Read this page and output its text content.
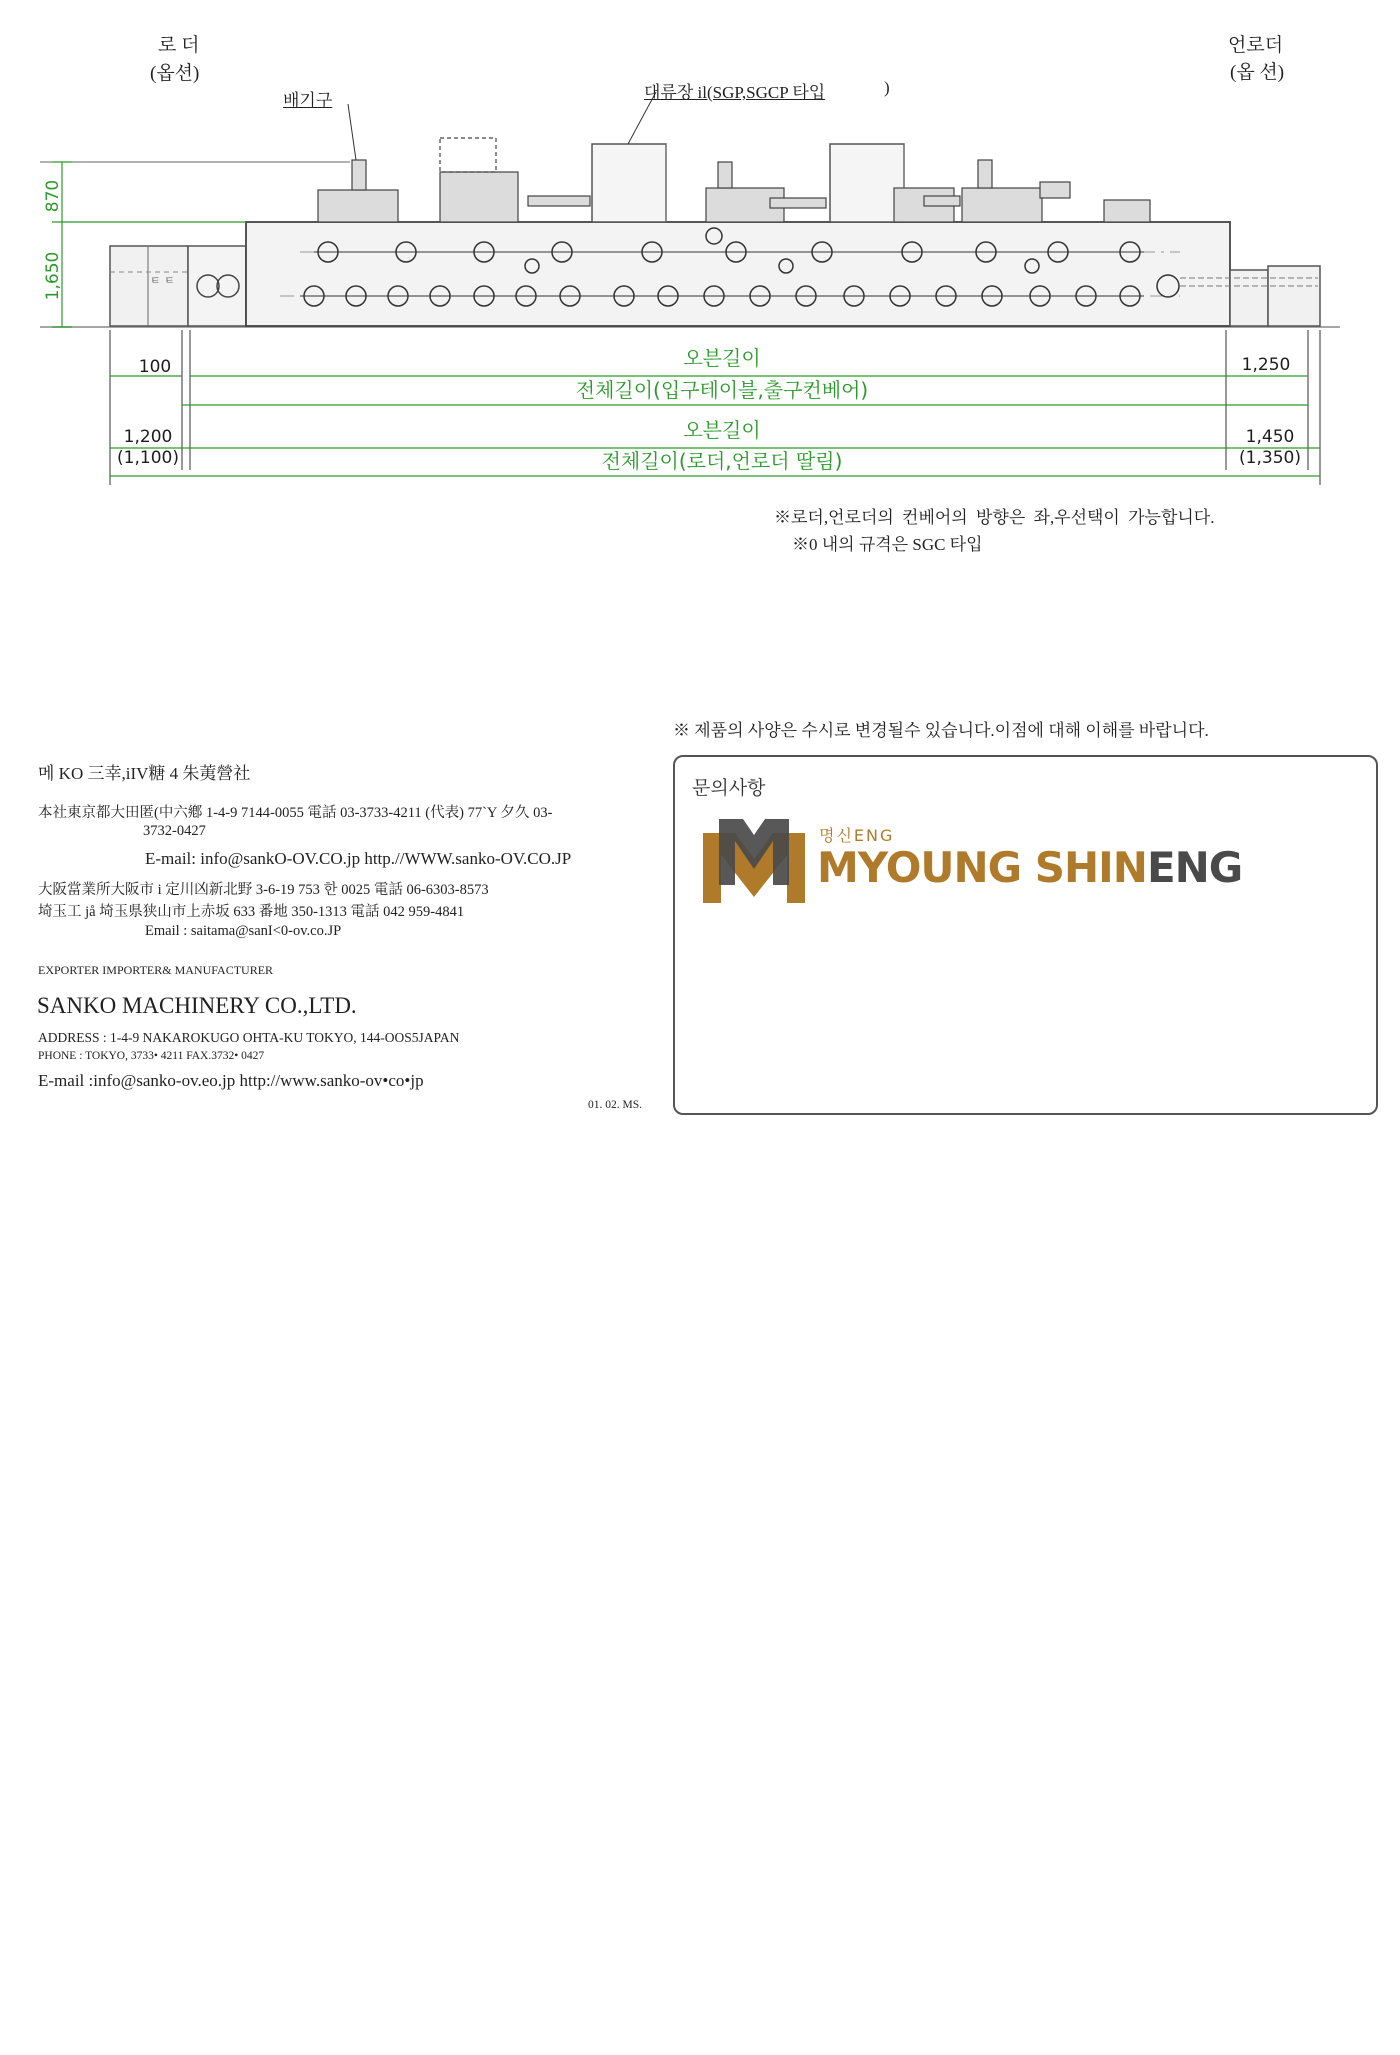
ㅌ ㅌ
870
1,650
100	1,250
1,200
(1,100)
1,450
(1,350)
오븐길이
전체길이(입구테이블,출구컨베어)
오븐길이
전체길이(로더,언로더 딸림)
로 더
(옵션)
언로더
(옵 션)
배기구	대류장 il(SGP,SGCP 타입	)
※로더,언로더의 컨베어의 방향은 좌,우선택이 가능합니다.
※0 내의 규격은 SGC 타입
※ 제품의 사양은 수시로 변경될수 있습니다.이점에 대해 이해를 바랍니다.
메 KO 三幸,iIV糖 4 朱荑營社
本社東京都大田匿(中六鄕 1-4-9 7144-0055 電話 03-3733-4211 (代表) 77`Y 夕久 03-
3732-0427
E-mail: info@sankO-OV.CO.jp http.//WWW.sanko-OV.CO.JP
大阪當業所大阪市 i 定川凶新北野 3-6-19 753 한 0025 電話 06-6303-8573
埼玉工 jå 埼玉県狭山市上赤坂 633 番地 350-1313 電話 042 959-4841
Email : saitama@sanI<0-ov.co.JP
EXPORTER IMPORTER& MANUFACTURER
SANKO MACHINERY CO.,LTD.
ADDRESS : 1-4-9 NAKAROKUGO OHTA-KU TOKYO, 144-OOS5JAPAN
PHONE : TOKYO, 3733• 4211 FAX.3732• 0427
E-mail :info@sanko-ov.eo.jp http://www.sanko-ov•co•jp
01. 02. MS.
문의사항
명신ENG
MYOUNG SHINENG
